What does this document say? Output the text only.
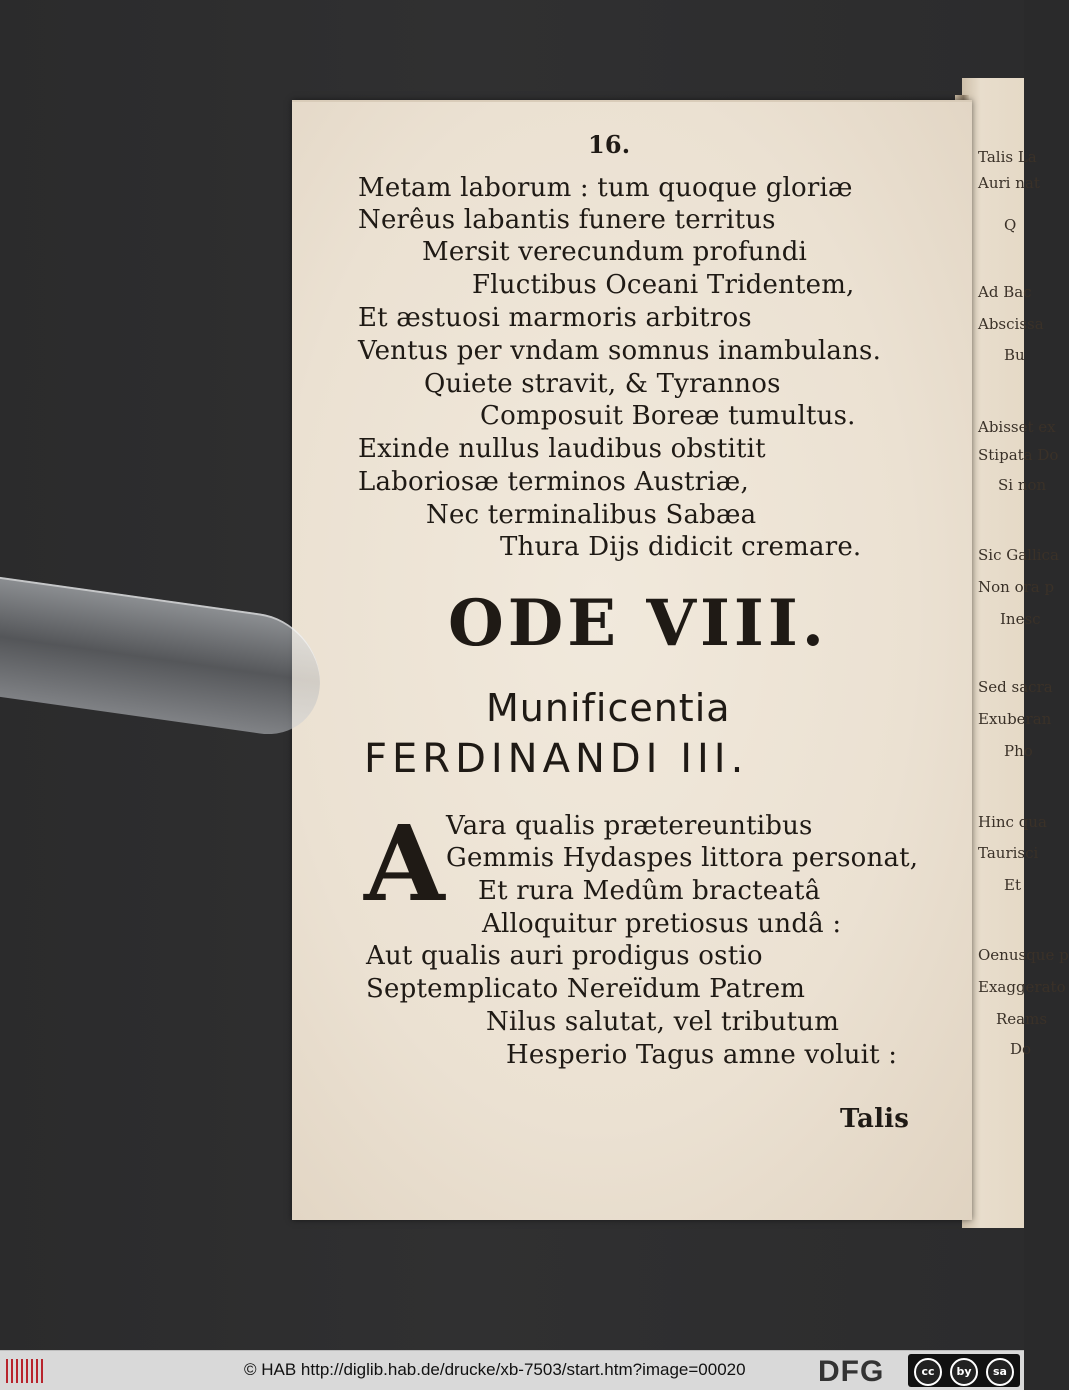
Talis La
Auri nat
Q
Ad Bac
Abscissa
Bu
Abisset ex
Stipata Do
Si non
Sic Gallica
Non ora p
Inesc
Sed sacra
Exuberan
Pho
Hinc qua
Taurisci
Et
Oenusque p
Exaggerato
Reams
Do
16.
Metam laborum : tum quoque gloriæ
Nerêus labantis funere territus
Mersit verecundum profundi
Fluctibus Oceani Tridentem,
Et æstuosi marmoris arbitros
Ventus per vndam somnus inambulans.
Quiete stravit, & Tyrannos
Composuit Boreæ tumultus.
Exinde nullus laudibus obstitit
Laboriosæ terminos Austriæ,
Nec terminalibus Sabæa
Thura Dijs didicit cremare.
ODE VIII.
Munificentia
FERDINANDI III.
A Vara qualis prætereuntibus
Gemmis Hydaspes littora personat,
Et rura Medûm bracteatâ
Alloquitur pretiosus undâ :
Aut qualis auri prodigus ostio
Septemplicato Nereïdum Patrem
Nilus salutat, vel tributum
Hesperio Tagus amne voluit :
Talis
© HAB http://diglib.hab.de/drucke/xb-7503/start.htm?image=00020 DFG	cc	by	sa
